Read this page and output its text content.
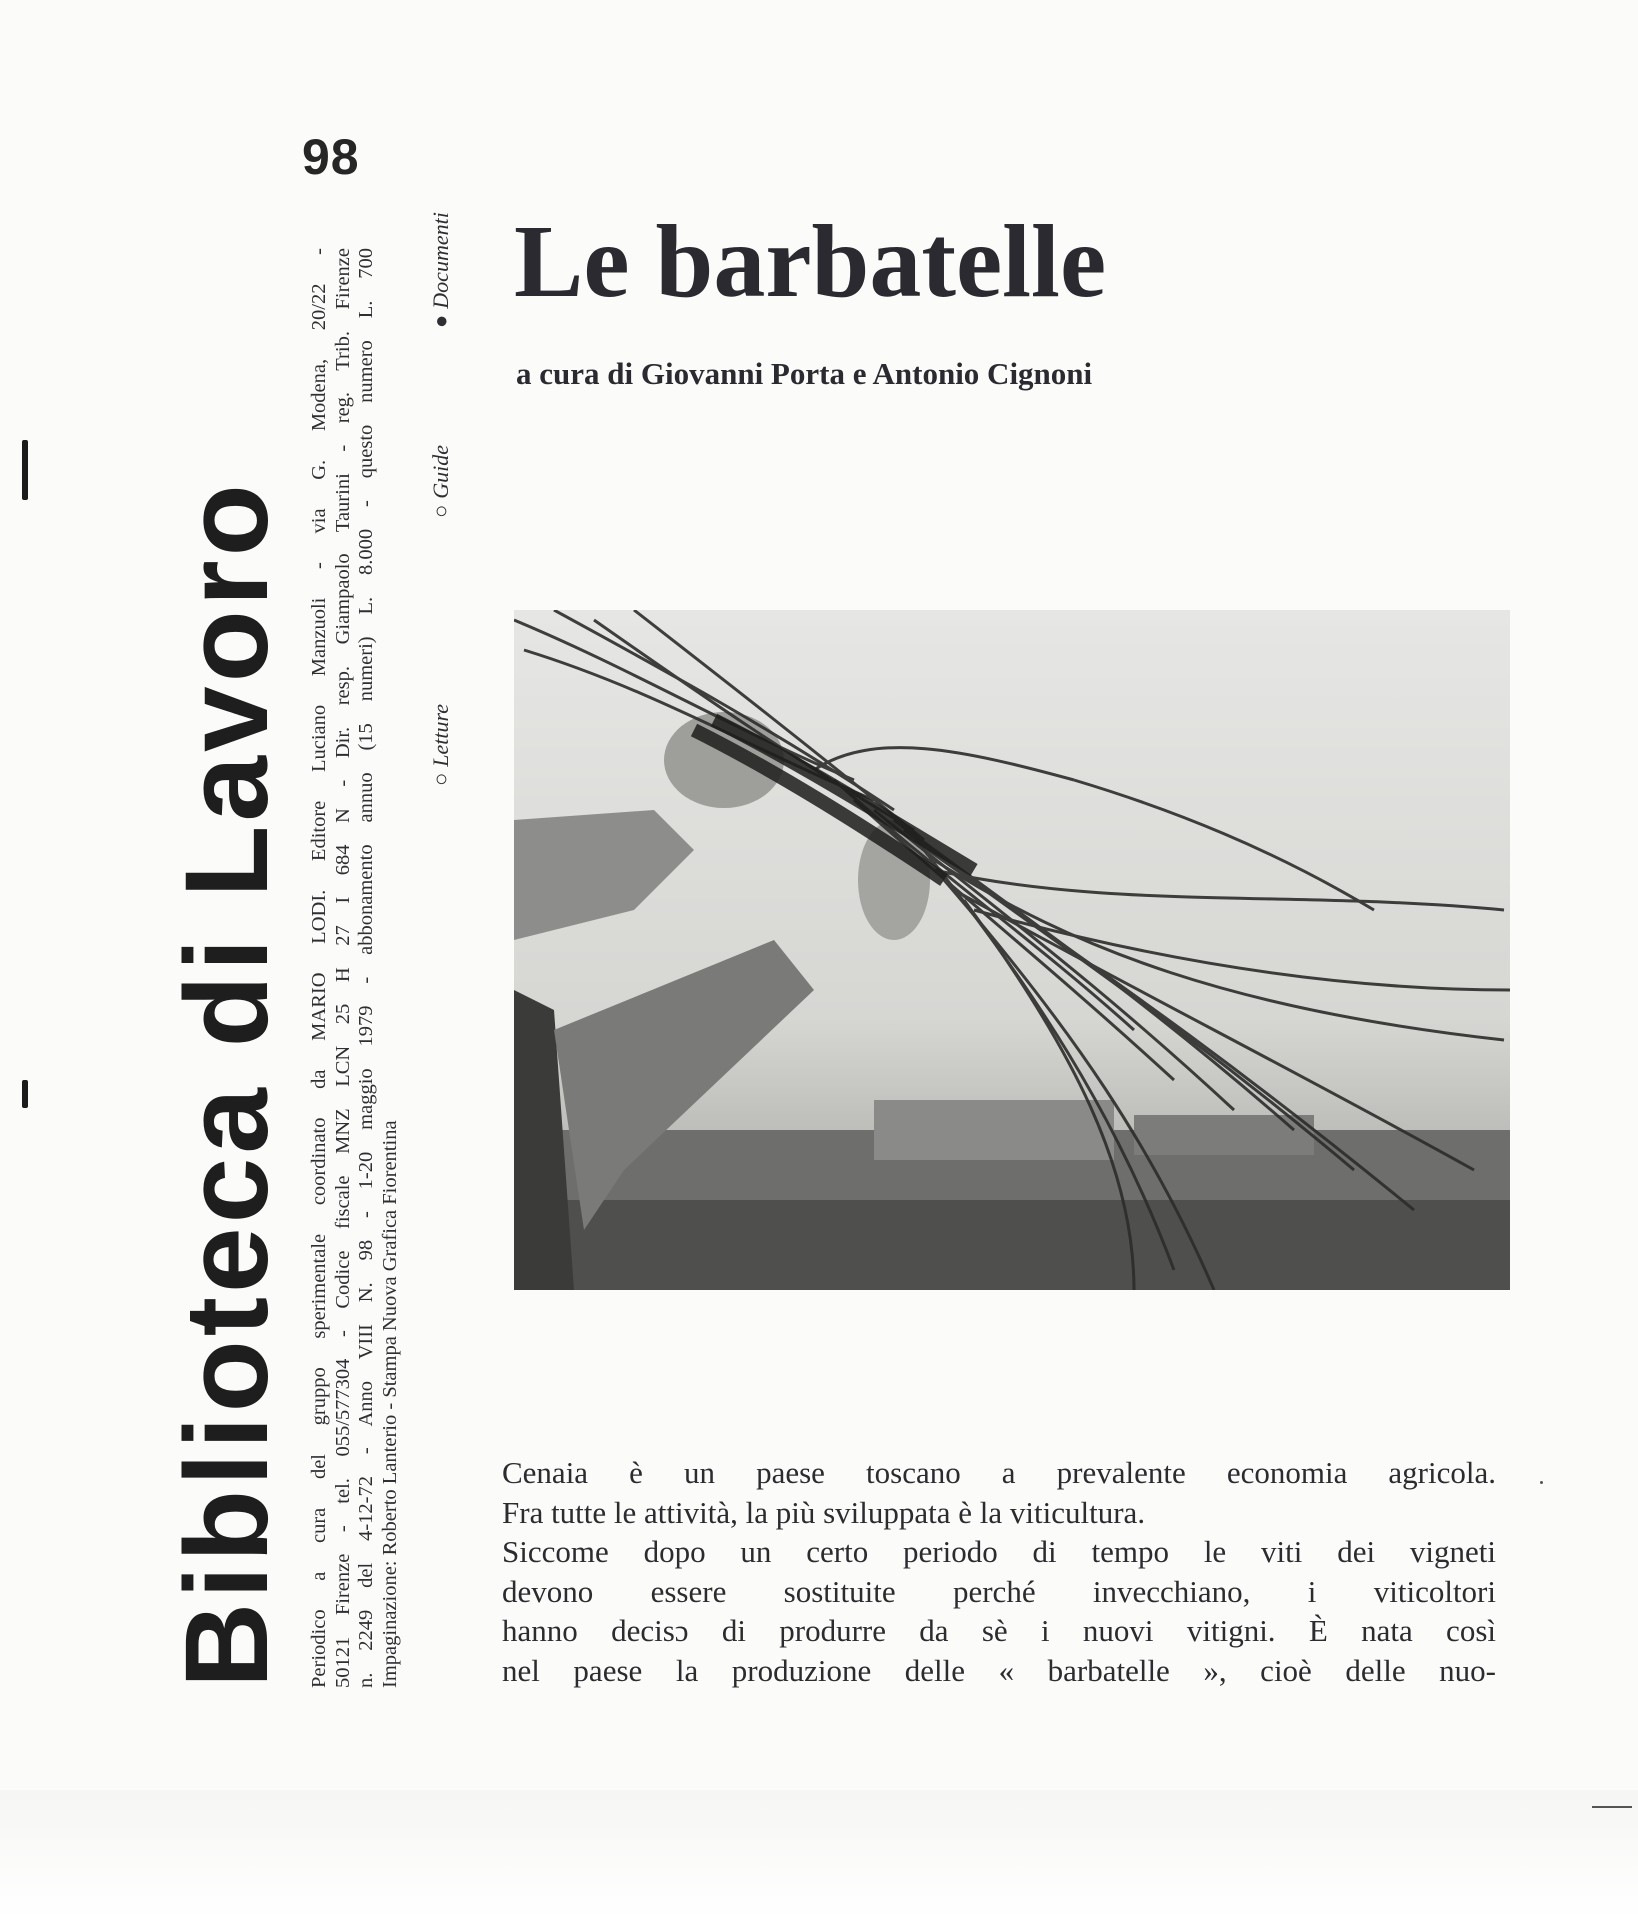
98
Biblioteca di Lavoro Periodico a cura del gruppo sperimentale coordinato da MARIO LODI. Editore Luciano Manzuoli - via G. Modena, 20/22 - 50121 Firenze - tel. 055/577304 - Codice fiscale MNZ LCN 25 H 27 I 684 N - Dir. resp. Giampaolo Taurini - reg. Trib. Firenze n. 2249 del 4-12-72 - Anno VIII N. 98 - 1-20 maggio 1979 - abbonamento annuo (15 numeri) L. 8.000 - questo numero L. 700 Impaginazione: Roberto Lanterio - Stampa Nuova Grafica Fiorentina

○Letture
○Guide
●Documenti Le barbatelle
a cura di Giovanni Porta e Antonio Cignoni

Cenaia è un paese toscano a prevalente economia agricola.

Fra tutte le attività, la più sviluppata è la viticultura.

Siccome dopo un certo periodo di tempo le viti dei vigneti

devono essere sostituite perché invecchiano, i viticoltori

hanno decisɔ di produrre da sè i nuovi vitigni. È nata così

nel paese la produzione delle « barbatelle », cioè delle nuo-
